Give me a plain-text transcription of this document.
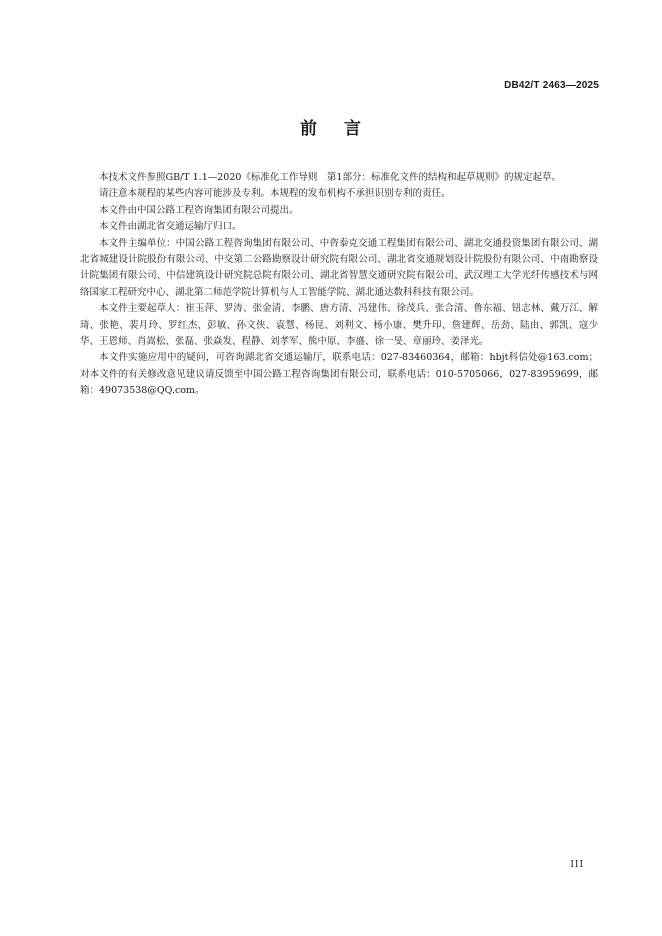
DB42/T 2463—2025
前 言

本技术文件参照GB/T 1.1—2020《标准化工作导则　第1部分：标准化文件的结构和起草规则》的规定起草。

请注意本规程的某些内容可能涉及专利。本规程的发布机构不承担识别专利的责任。

本文件由中国公路工程咨询集团有限公司提出。

本文件由湖北省交通运输厅归口。

本文件主编单位：中国公路工程咨询集团有限公司、中咨泰克交通工程集团有限公司、湖北交通投资集团有限公司、湖北省城建设计院股份有限公司、中交第二公路勘察设计研究院有限公司、湖北省交通规划设计院股份有限公司、中南勘察设计院集团有限公司、中信建筑设计研究院总院有限公司、湖北省智慧交通研究院有限公司、武汉理工大学光纤传感技术与网络国家工程研究中心、湖北第二师范学院计算机与人工智能学院、湖北通达数科科技有限公司。

本文件主要起草人：崔玉萍、罗涛、张金清、李鹏、唐方清、冯建伟、徐茂兵、张合清、鲁东福、钮志林、戴万江、解琦、张艳、裴月玲、罗红杰、彭敏、孙文侠、袁慧、杨昆、刘利文、杨小康、樊升印、詹建辉、岳劲、陆由、郭凯、寇少华、王恩师、肖嵩松、张磊、张焱发、程静、刘孝军、熊中原、李盛、徐一旻、章丽玲、姜泽光。

本文件实施应用中的疑问，可咨询湖北省交通运输厅，联系电话：027-83460364，邮箱：hbjt科信处@163.com；对本文件的有关修改意见建议请反馈至中国公路工程咨询集团有限公司，联系电话：010-5705066，027-83959699，邮箱：49073538@QQ.com。

III
